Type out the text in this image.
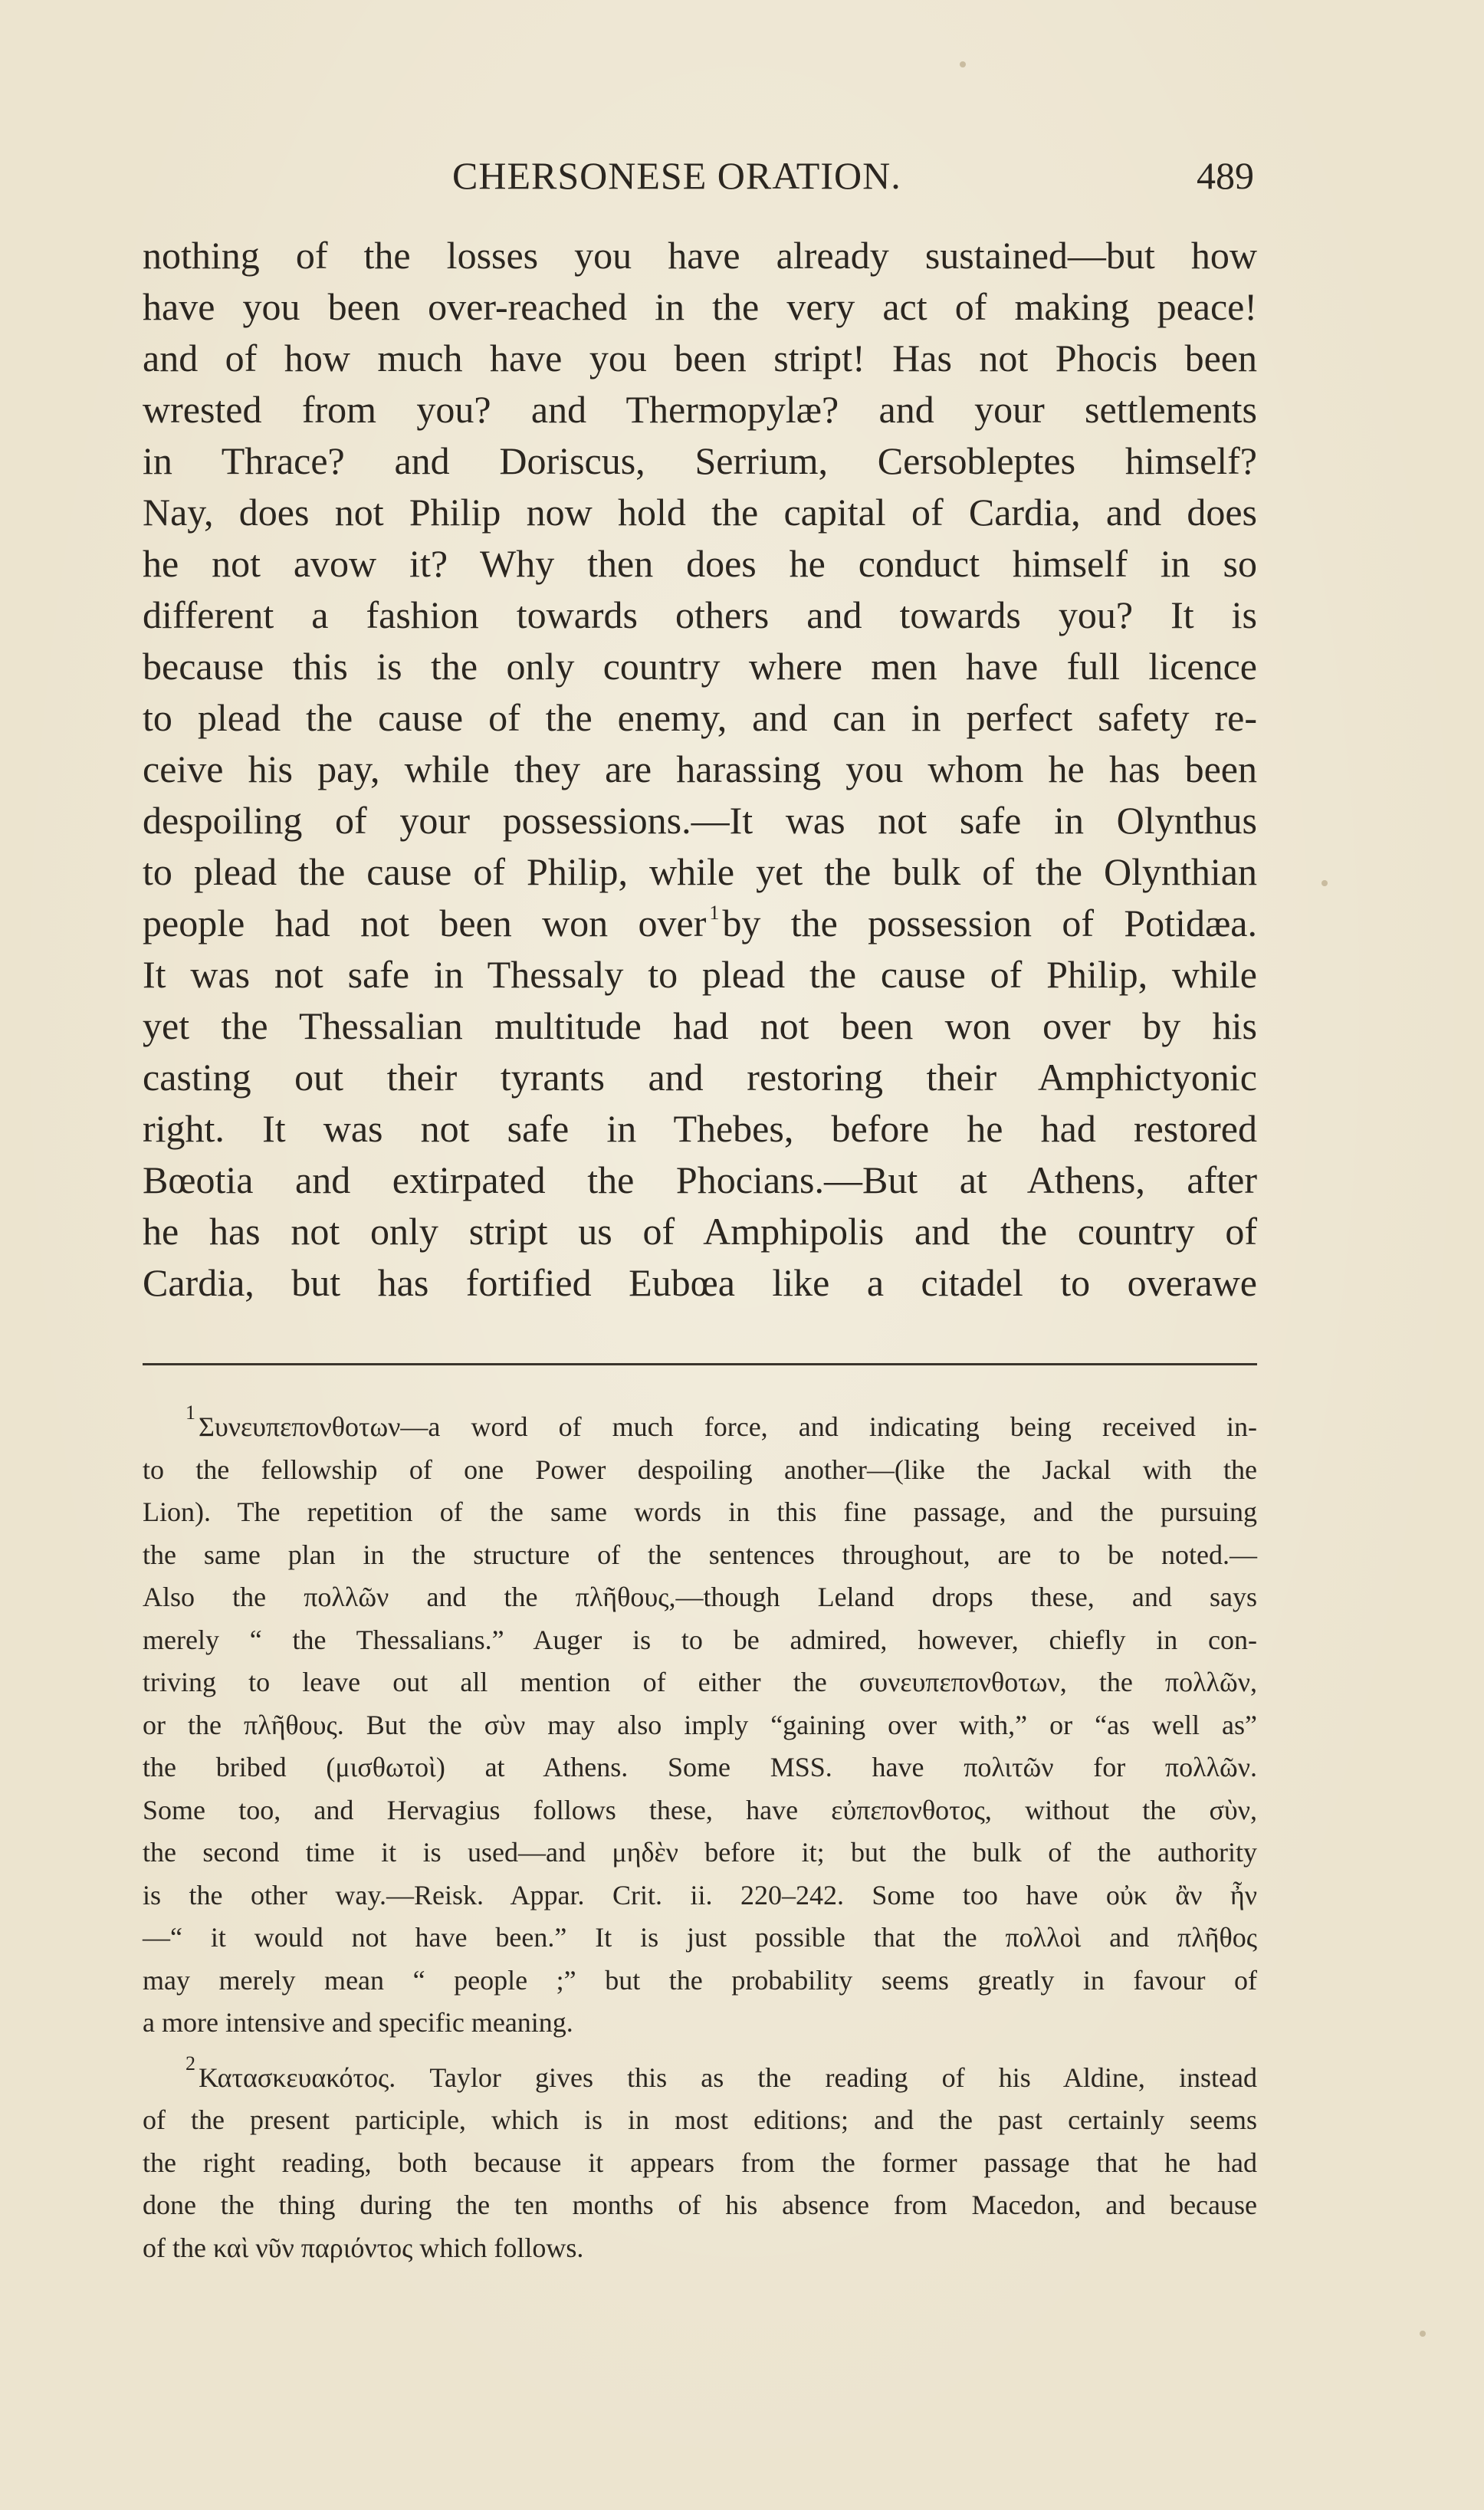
CHERSONESE ORATION.	489
nothing of the losses you have already sustained—but how
have you been over-reached in the very act of making peace!
and of how much have you been stript! Has not Phocis been
wrested from you? and Thermopylæ? and your settlements
in Thrace? and Doriscus, Serrium, Cersobleptes himself?
Nay, does not Philip now hold the capital of Cardia, and does
he not avow it? Why then does he conduct himself in so
different a fashion towards others and towards you? It is
because this is the only country where men have full licence
to plead the cause of the enemy, and can in perfect safety re-
ceive his pay, while they are harassing you whom he has been
despoiling of your possessions.—It was not safe in Olynthus
to plead the cause of Philip, while yet the bulk of the Olynthian
people had not been won over $^1$by the possession of Potidæa.
It was not safe in Thessaly to plead the cause of Philip, while
yet the Thessalian multitude had not been won over by his
casting out their tyrants and restoring their Amphictyonic
right. It was not safe in Thebes, before he had restored
Bœotia and extirpated the Phocians.—But at Athens, after
he has not only stript us of Amphipolis and the country of
Cardia, but has fortified Eubœa like a citadel to overawe
$^1$ Συνευπεπονθοτων—a word of much force, and indicating being received in-
to the fellowship of one Power despoiling another—(like the Jackal with the
Lion). The repetition of the same words in this fine passage, and the pursuing
the same plan in the structure of the sentences throughout, are to be noted.—
Also the πολλῶν and the πλῆθους,—though Leland drops these, and says
merely “ the Thessalians.” Auger is to be admired, however, chiefly in con-
triving to leave out all mention of either the συνευπεπονθοτων, the πολλῶν,
or the πλῆθους. But the σὺν may also imply “gaining over with,” or “as well as”
the bribed (μισθωτοὶ) at Athens. Some MSS. have πολιτῶν for πολλῶν.
Some too, and Hervagius follows these, have εὐπεπονθοτος, without the σὺν,
the second time it is used—and μηδὲν before it; but the bulk of the authority
is the other way.—Reisk. Appar. Crit. ii. 220–242. Some too have οὐκ ἂν ἦν
—“ it would not have been.” It is just possible that the πολλοὶ and πλῆθος
may merely mean “ people ;” but the probability seems greatly in favour of
a more intensive and specific meaning.
$^2$ Κατασκευακότος. Taylor gives this as the reading of his Aldine, instead
of the present participle, which is in most editions; and the past certainly seems
the right reading, both because it appears from the former passage that he had
done the thing during the ten months of his absence from Macedon, and because
of the καὶ νῦν παριόντος which follows.
